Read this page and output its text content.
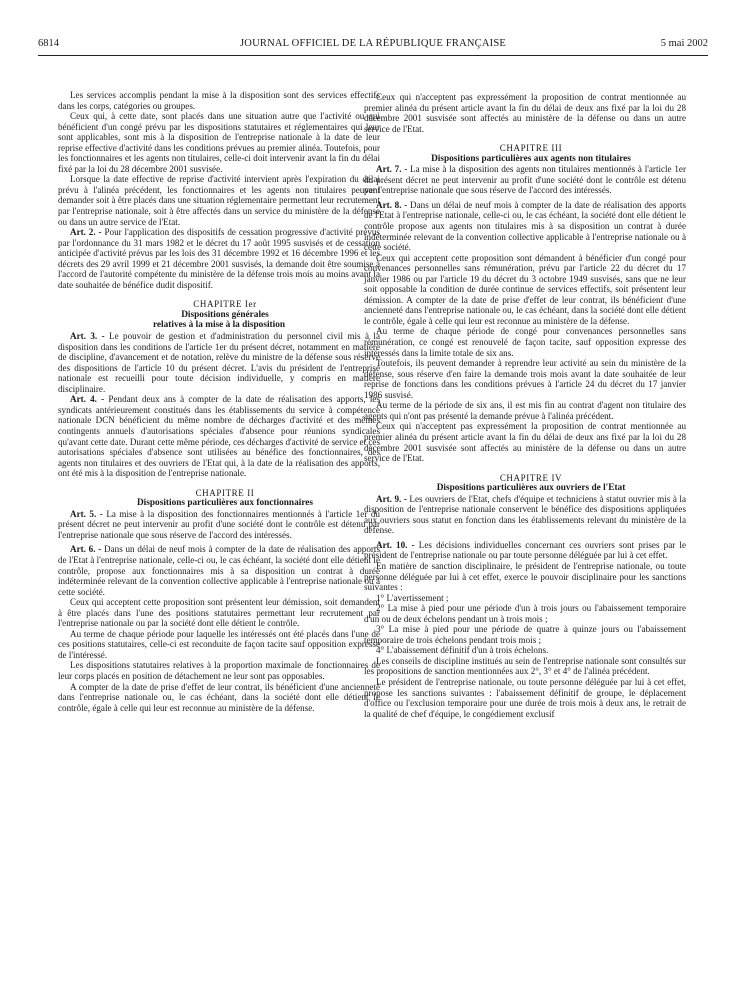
6814	JOURNAL OFFICIEL DE LA RÉPUBLIQUE FRANÇAISE	5 mai 2002

Les services accomplis pendant la mise à la disposition sont des services effectifs dans les corps, catégories ou groupes.

Ceux qui, à cette date, sont placés dans une situation autre que l'activité ou qui bénéficient d'un congé prévu par les dispositions statutaires et réglementaires qui leur sont applicables, sont mis à la disposition de l'entreprise nationale à la date de leur reprise effective d'activité dans les conditions prévues au premier alinéa. Toutefois, pour les fonctionnaires et les agents non titulaires, celle-ci doit intervenir avant la fin du délai fixé par la loi du 28 décembre 2001 susvisée.

Lorsque la date effective de reprise d'activité intervient après l'expiration du délai prévu à l'alinéa précédent, les fonctionnaires et les agents non titulaires peuvent demander soit à être placés dans une situation réglementaire permettant leur recrutement par l'entreprise nationale, soit à être affectés dans un service du ministère de la défense ou dans un autre service de l'Etat.

Art. 2. - Pour l'application des dispositifs de cessation progressive d'activité prévus par l'ordonnance du 31 mars 1982 et le décret du 17 août 1995 susvisés et de cessation anticipée d'activité prévus par les lois des 31 décembre 1992 et 16 décembre 1996 et les décrets des 29 avril 1999 et 21 décembre 2001 susvisés, la demande doit être soumise à l'accord de l'autorité compétente du ministère de la défense trois mois au moins avant la date souhaitée de bénéfice dudit dispositif.

CHAPITRE Ier

Dispositions générales
relatives à la mise à la disposition

Art. 3. - Le pouvoir de gestion et d'administration du personnel civil mis à la disposition dans les conditions de l'article 1er du présent décret, notamment en matière de discipline, d'avancement et de notation, relève du ministre de la défense sous réserve des dispositions de l'article 10 du présent décret. L'avis du président de l'entreprise nationale est recueilli pour toute décision individuelle, y compris en matière disciplinaire.

Art. 4. - Pendant deux ans à compter de la date de réalisation des apports, les syndicats antérieurement constitués dans les établissements du service à compétence nationale DCN bénéficient du même nombre de décharges d'activité et des mêmes contingents annuels d'autorisations spéciales d'absence pour réunions syndicales qu'avant cette date. Durant cette même période, ces décharges d'activité de service et ces autorisations spéciales d'absence sont utilisées au bénéfice des fonctionnaires, des agents non titulaires et des ouvriers de l'Etat qui, à la date de la réalisation des apports, ont été mis à la disposition de l'entreprise nationale.

CHAPITRE II

Dispositions particulières aux fonctionnaires

Art. 5. - La mise à la disposition des fonctionnaires mentionnés à l'article 1er du présent décret ne peut intervenir au profit d'une société dont le contrôle est détenu par l'entreprise nationale que sous réserve de l'accord des intéressés.

Art. 6. - Dans un délai de neuf mois à compter de la date de réalisation des apports de l'Etat à l'entreprise nationale, celle-ci ou, le cas échéant, la société dont elle détient le contrôle, propose aux fonctionnaires mis à sa disposition un contrat à durée indéterminée relevant de la convention collective applicable à l'entreprise nationale ou à cette société.

Ceux qui acceptent cette proposition sont présentent leur démission, soit demandent à être placés dans l'une des positions statutaires permettant leur recrutement par l'entreprise nationale ou par la société dont elle détient le contrôle.

Au terme de chaque période pour laquelle les intéressés ont été placés dans l'une de ces positions statutaires, celle-ci est reconduite de façon tacite sauf opposition expresse de l'intéressé.

Les dispositions statutaires relatives à la proportion maximale de fonctionnaires de leur corps placés en position de détachement ne leur sont pas opposables.

A compter de la date de prise d'effet de leur contrat, ils bénéficient d'une ancienneté dans l'entreprise nationale ou, le cas échéant, dans la société dont elle détient le contrôle, égale à celle qui leur est reconnue au ministère de la défense.

Ceux qui n'acceptent pas expressément la proposition de contrat mentionnée au premier alinéa du présent article avant la fin du délai de deux ans fixé par la loi du 28 décembre 2001 susvisée sont affectés au ministère de la défense ou dans un autre service de l'Etat.

CHAPITRE III

Dispositions particulières aux agents non titulaires

Art. 7. - La mise à la disposition des agents non titulaires mentionnés à l'article 1er du présent décret ne peut intervenir au profit d'une société dont le contrôle est détenu par l'entreprise nationale que sous réserve de l'accord des intéressés.

Art. 8. - Dans un délai de neuf mois à compter de la date de réalisation des apports de l'Etat à l'entreprise nationale, celle-ci ou, le cas échéant, la société dont elle détient le contrôle propose aux agents non titulaires mis à sa disposition un contrat à durée indéterminée relevant de la convention collective applicable à l'entreprise nationale ou à cette société.

Ceux qui acceptent cette proposition sont démandent à bénéficier d'un congé pour convenances personnelles sans rémunération, prévu par l'article 22 du décret du 17 janvier 1986 ou par l'article 19 du décret du 3 octobre 1949 susvisés, sans que ne leur soit opposable la condition de durée continue de services effectifs, soit présentent leur démission. A compter de la date de prise d'effet de leur contrat, ils bénéficient d'une ancienneté dans l'entreprise nationale ou, le cas échéant, dans la société dont elle détient le contrôle, égale à celle qui leur est reconnue au ministère de la défense.

Au terme de chaque période de congé pour convenances personnelles sans rémunération, ce congé est renouvelé de façon tacite, sauf opposition expresse des intéressés dans la limite totale de six ans.

Toutefois, ils peuvent demander à reprendre leur activité au sein du ministère de la défense, sous réserve d'en faire la demande trois mois avant la date souhaitée de leur reprise de fonctions dans les conditions prévues à l'article 24 du décret du 17 janvier 1986 susvisé.

Au terme de la période de six ans, il est mis fin au contrat d'agent non titulaire des agents qui n'ont pas présenté la demande prévue à l'alinéa précédent.

Ceux qui n'acceptent pas expressément la proposition de contrat mentionnée au premier alinéa du présent article avant la fin du délai de deux ans fixé par la loi du 28 décembre 2001 susvisée sont affectés au ministère de la défense ou dans un autre service de l'Etat.

CHAPITRE IV

Dispositions particulières aux ouvriers de l'Etat

Art. 9. - Les ouvriers de l'Etat, chefs d'équipe et techniciens à statut ouvrier mis à la disposition de l'entreprise nationale conservent le bénéfice des dispositions appliquées aux ouvriers sous statut en fonction dans les établissements relevant du ministère de la défense.

Art. 10. - Les décisions individuelles concernant ces ouvriers sont prises par le président de l'entreprise nationale ou par toute personne déléguée par lui à cet effet.

En matière de sanction disciplinaire, le président de l'entreprise nationale, ou toute personne déléguée par lui à cet effet, exerce le pouvoir disciplinaire pour les sanctions suivantes :

1° L'avertissement ;

2° La mise à pied pour une période d'un à trois jours ou l'abaissement temporaire d'un ou de deux échelons pendant un à trois mois ;

3° La mise à pied pour une période de quatre à quinze jours ou l'abaissement temporaire de trois échelons pendant trois mois ;

4° L'abaissement définitif d'un à trois échelons.

Les conseils de discipline institués au sein de l'entreprise nationale sont consultés sur les propositions de sanction mentionnées aux 2°, 3° et 4° de l'alinéa précédent.

Le président de l'entreprise nationale, ou toute personne déléguée par lui à cet effet, propose les sanctions suivantes : l'abaissement définitif de groupe, le déplacement d'office ou l'exclusion temporaire pour une durée de trois mois à deux ans, le retrait de la qualité de chef d'équipe, le congédiement exclusif
